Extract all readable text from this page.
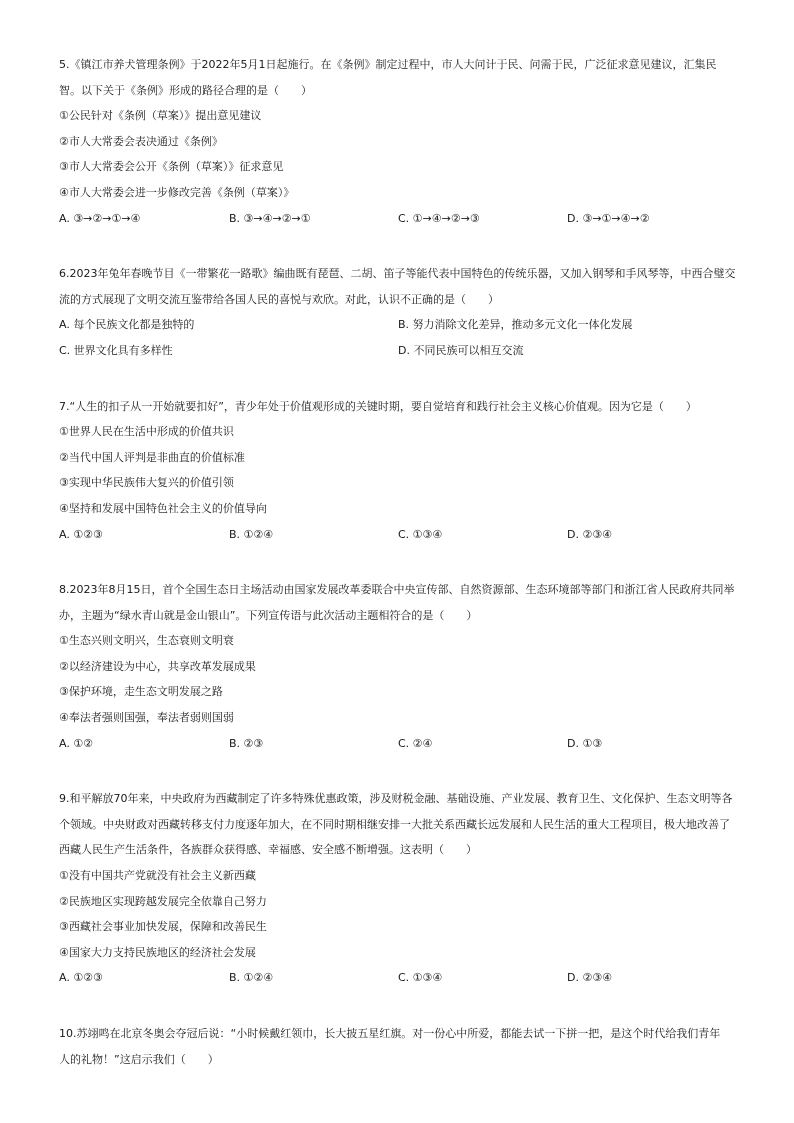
5.《镇江市养犬管理条例》于2022年5月1日起施行。在《条例》制定过程中，市人大问计于民、问需于民，广泛征求意见建议，汇集民
智。以下关于《条例》形成的路径合理的是（　　）
①公民针对《条例（草案）》提出意见建议
②市人大常委会表决通过《条例》
③市人大常委会公开《条例（草案）》征求意见
④市人大常委会进一步修改完善《条例（草案）》
A. ③→②→①→④	B. ③→④→②→①	C. ①→④→②→③	D. ③→①→④→②
6.2023年兔年春晚节目《一带繁花一路歌》编曲既有琵琶、二胡、笛子等能代表中国特色的传统乐器，又加入钢琴和手风琴等，中西合璧交
流的方式展现了文明交流互鉴带给各国人民的喜悦与欢欣。对此，认识不正确的是（　　）
A. 每个民族文化都是独特的	B. 努力消除文化差异，推动多元文化一体化发展
C. 世界文化具有多样性	D. 不同民族可以相互交流
7.“人生的扣子从一开始就要扣好”，青少年处于价值观形成的关键时期，要自觉培育和践行社会主义核心价值观。因为它是（　　）
①世界人民在生活中形成的价值共识
②当代中国人评判是非曲直的价值标准
③实现中华民族伟大复兴的价值引领
④坚持和发展中国特色社会主义的价值导向
A. ①②③	B. ①②④	C. ①③④	D. ②③④
8.2023年8月15日，首个全国生态日主场活动由国家发展改革委联合中央宣传部、自然资源部、生态环境部等部门和浙江省人民政府共同举
办，主题为“绿水青山就是金山银山”。下列宣传语与此次活动主题相符合的是（　　）
①生态兴则文明兴，生态衰则文明衰
②以经济建设为中心，共享改革发展成果
③保护环境，走生态文明发展之路
④奉法者强则国强，奉法者弱则国弱
A. ①②	B. ②③	C. ②④	D. ①③
9.和平解放70年来，中央政府为西藏制定了许多特殊优惠政策，涉及财税金融、基础设施、产业发展、教育卫生、文化保护、生态文明等各
个领域。中央财政对西藏转移支付力度逐年加大，在不同时期相继安排一大批关系西藏长远发展和人民生活的重大工程项目，极大地改善了
西藏人民生产生活条件，各族群众获得感、幸福感、安全感不断增强。这表明（　　）
①没有中国共产党就没有社会主义新西藏
②民族地区实现跨越发展完全依靠自己努力
③西藏社会事业加快发展，保障和改善民生
④国家大力支持民族地区的经济社会发展
A. ①②③	B. ①②④	C. ①③④	D. ②③④
10.苏翊鸣在北京冬奥会夺冠后说：“小时候戴红领巾，长大披五星红旗。对一份心中所爱，都能去试一下拼一把，是这个时代给我们青年
人的礼物！”这启示我们（　　）
